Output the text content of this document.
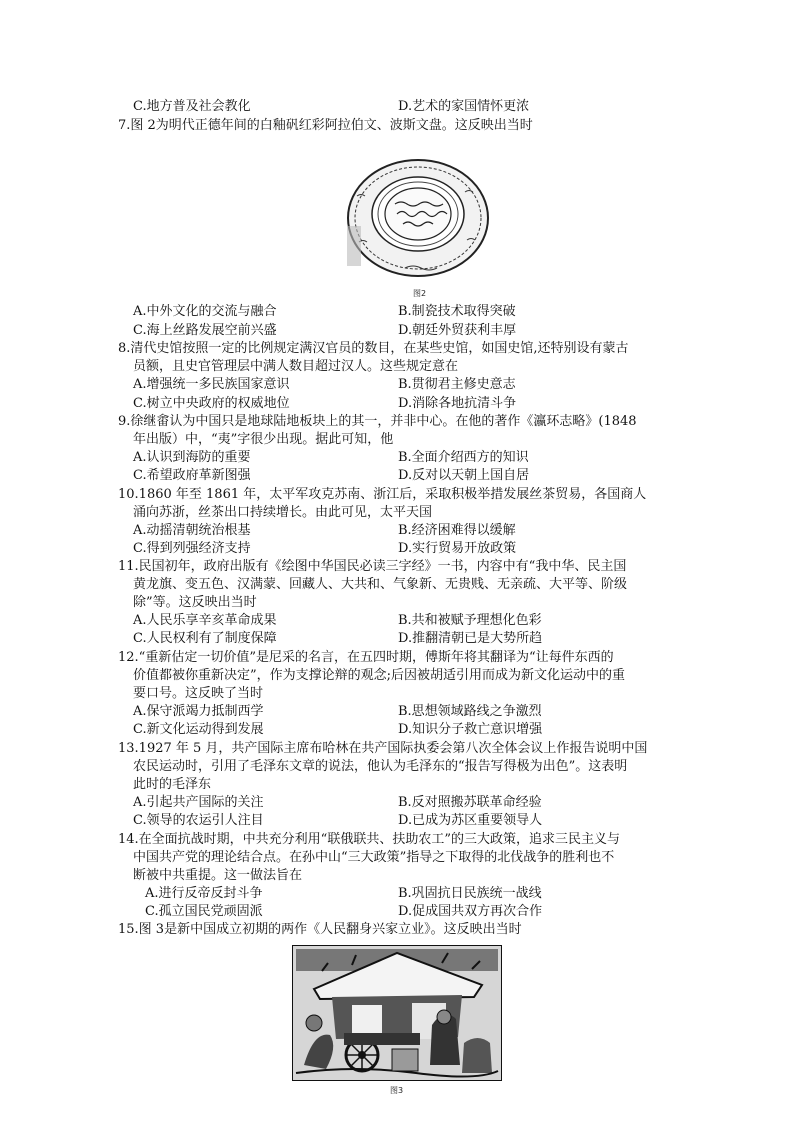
C.地方普及社会教化	D.艺术的家国情怀更浓
7.图 2为明代正德年间的白釉矾红彩阿拉伯文、波斯文盘。这反映出当时
图2
A.中外文化的交流与融合	B.制瓷技术取得突破
C.海上丝路发展空前兴盛	D.朝廷外贸获利丰厚
8.清代史馆按照一定的比例规定满汉官员的数目，在某些史馆，如国史馆,还特别设有蒙古
员额，且史官管理层中满人数目超过汉人。这些规定意在
A.增强统一多民族国家意识	B.贯彻君主修史意志
C.树立中央政府的权威地位	D.消除各地抗清斗争
9.徐继畬认为中国只是地球陆地板块上的其一，并非中心。在他的著作《瀛环志略》(1848
年出版）中，“夷”字很少出现。据此可知，他
A.认识到海防的重要	B.全面介绍西方的知识
C.希望政府革新图强	D.反对以天朝上国自居
10.1860 年至 1861 年，太平军攻克苏南、浙江后，采取积极举措发展丝茶贸易，各国商人
涌向苏浙，丝茶出口持续增长。由此可见，太平天国
A.动摇清朝统治根基	B.经济困难得以缓解
C.得到列强经济支持	D.实行贸易开放政策
11.民国初年，政府出版有《绘图中华国民必读三字经》一书，内容中有“我中华、民主国
黄龙旗、变五色、汉满蒙、回藏人、大共和、气象新、无贵贱、无亲疏、大平等、阶级
除”等。这反映出当时
A.人民乐享辛亥革命成果	B.共和被赋予理想化色彩
C.人民权利有了制度保障	D.推翻清朝已是大势所趋
12.“重新估定一切价值”是尼采的名言，在五四时期，傅斯年将其翻译为“让每件东西的
价值都被你重新决定”，作为支撑论辩的观念;后因被胡适引用而成为新文化运动中的重
要口号。这反映了当时
A.保守派竭力抵制西学	B.思想领域路线之争激烈
C.新文化运动得到发展	D.知识分子救亡意识增强
13.1927 年 5 月，共产国际主席布哈林在共产国际执委会第八次全体会议上作报告说明中国
农民运动时，引用了毛泽东文章的说法，他认为毛泽东的“报告写得极为出色”。这表明
此时的毛泽东
A.引起共产国际的关注	B.反对照搬苏联革命经验
C.领导的农运引人注目	D.已成为苏区重要领导人
14.在全面抗战时期，中共充分利用“联俄联共、扶助农工”的三大政策，追求三民主义与
中国共产党的理论结合点。在孙中山“三大政策”指导之下取得的北伐战争的胜利也不
断被中共重提。这一做法旨在
A.进行反帝反封斗争	B.巩固抗日民族统一战线
C.孤立国民党顽固派	D.促成国共双方再次合作
15.图 3是新中国成立初期的两作《人民翻身兴家立业》。这反映出当时
图3
